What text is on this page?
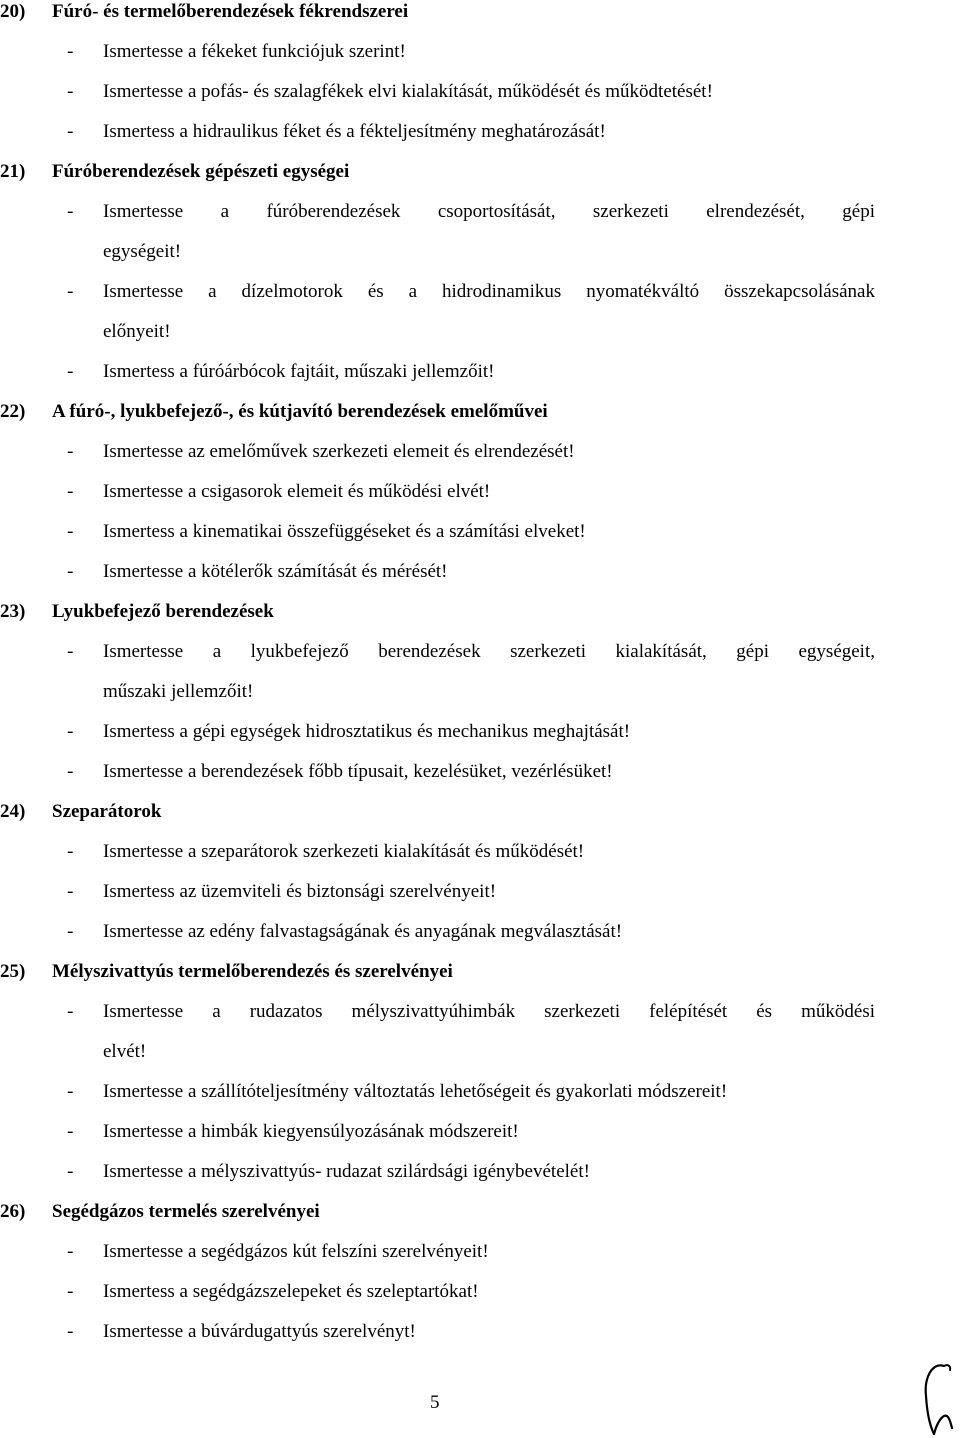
20) Fúró- és termelőberendezések fékrendszerei
- Ismertesse a fékeket funkciójuk szerint!
- Ismertesse a pofás- és szalagfékek elvi kialakítását, működését és működtetését!
- Ismertess a hidraulikus féket és a fékteljesítmény meghatározását!
21) Fúróberendezések gépészeti egységei
- Ismertesse a fúróberendezések csoportosítását, szerkezeti elrendezését, gépi
egységeit!
- Ismertesse a dízelmotorok és a hidrodinamikus nyomatékváltó összekapcsolásának
előnyeit!
- Ismertess a fúróárbócok fajtáit, műszaki jellemzőit!
22) A fúró-, lyukbefejező-, és kútjavító berendezések emelőművei
- Ismertesse az emelőművek szerkezeti elemeit és elrendezését!
- Ismertesse a csigasorok elemeit és működési elvét!
- Ismertess a kinematikai összefüggéseket és a számítási elveket!
- Ismertesse a kötélerők számítását és mérését!
23) Lyukbefejező berendezések
- Ismertesse a lyukbefejező berendezések szerkezeti kialakítását, gépi egységeit,
műszaki jellemzőit!
- Ismertess a gépi egységek hidrosztatikus és mechanikus meghajtását!
- Ismertesse a berendezések főbb típusait, kezelésüket, vezérlésüket!
24) Szeparátorok
- Ismertesse a szeparátorok szerkezeti kialakítását és működését!
- Ismertess az üzemviteli és biztonsági szerelvényeit!
- Ismertesse az edény falvastagságának és anyagának megválasztását!
25) Mélyszivattyús termelőberendezés és szerelvényei
- Ismertesse a rudazatos mélyszivattyúhimbák szerkezeti felépítését és működési
elvét!
- Ismertesse a szállítóteljesítmény változtatás lehetőségeit és gyakorlati módszereit!
- Ismertesse a himbák kiegyensúlyozásának módszereit!
- Ismertesse a mélyszivattyús- rudazat szilárdsági igénybevételét!
26) Segédgázos termelés szerelvényei
- Ismertesse a segédgázos kút felszíni szerelvényeit!
- Ismertess a segédgázszelepeket és szeleptartókat!
- Ismertesse a búvárdugattyús szerelvényt!
5
